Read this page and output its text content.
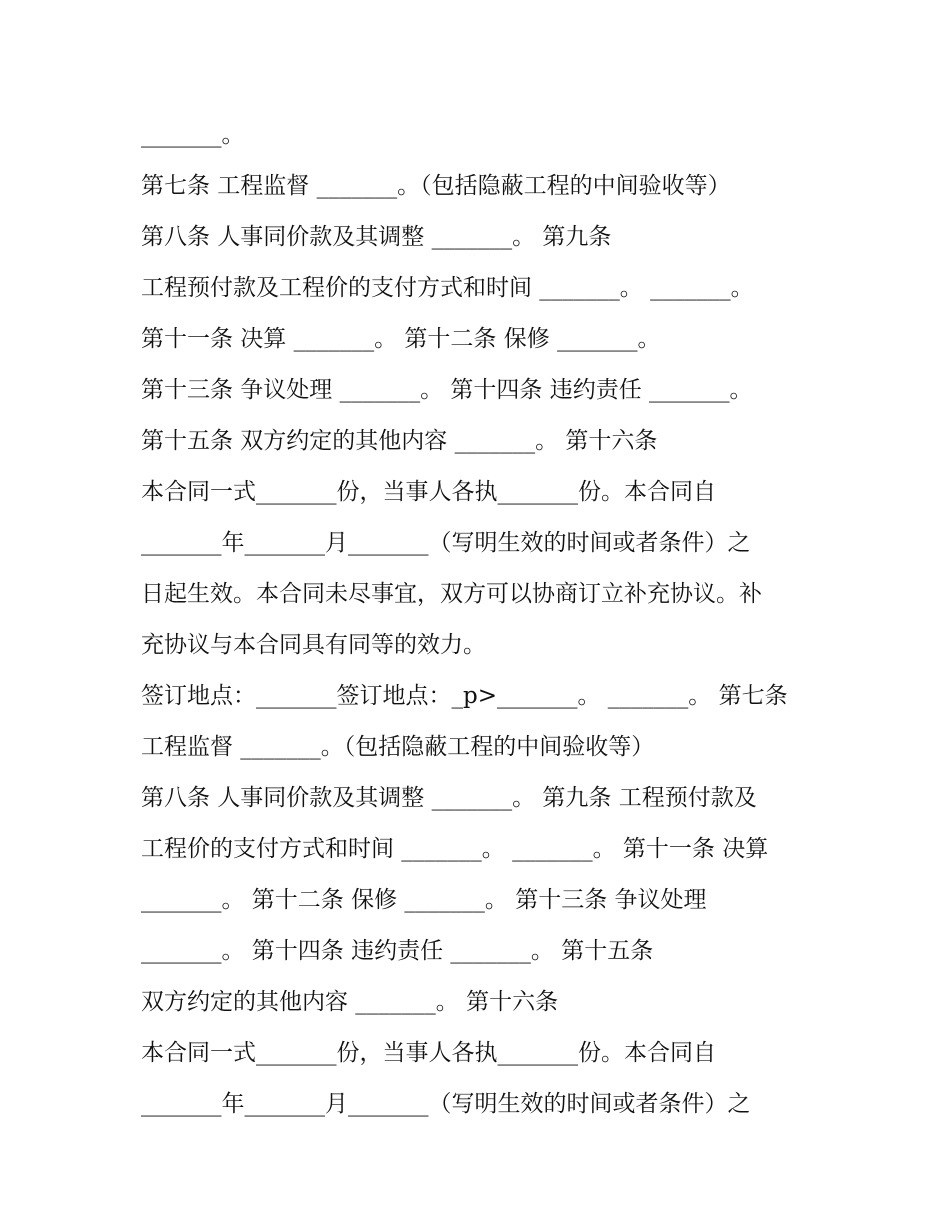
_______。
第七条 工程监督 _______。（包括隐蔽工程的中间验收等）
第八条 人事同价款及其调整 _______。 第九条
工程预付款及工程价的支付方式和时间 _______。 _______。
第十一条 决算 _______。 第十二条 保修 _______。
第十三条 争议处理 _______。 第十四条 违约责任 _______。
第十五条 双方约定的其他内容 _______。 第十六条
本合同一式_______份，当事人各执_______份。本合同自
_______年_______月_______（写明生效的时间或者条件）之
日起生效。本合同未尽事宜，双方可以协商订立补充协议。补
充协议与本合同具有同等的效力。
签订地点：_______签订地点：_p>_______。 _______。 第七条
工程监督 _______。（包括隐蔽工程的中间验收等）
第八条 人事同价款及其调整 _______。 第九条 工程预付款及
工程价的支付方式和时间 _______。 _______。 第十一条 决算
_______。 第十二条 保修 _______。 第十三条 争议处理
_______。 第十四条 违约责任 _______。 第十五条
双方约定的其他内容 _______。 第十六条
本合同一式_______份，当事人各执_______份。本合同自
_______年_______月_______（写明生效的时间或者条件）之
